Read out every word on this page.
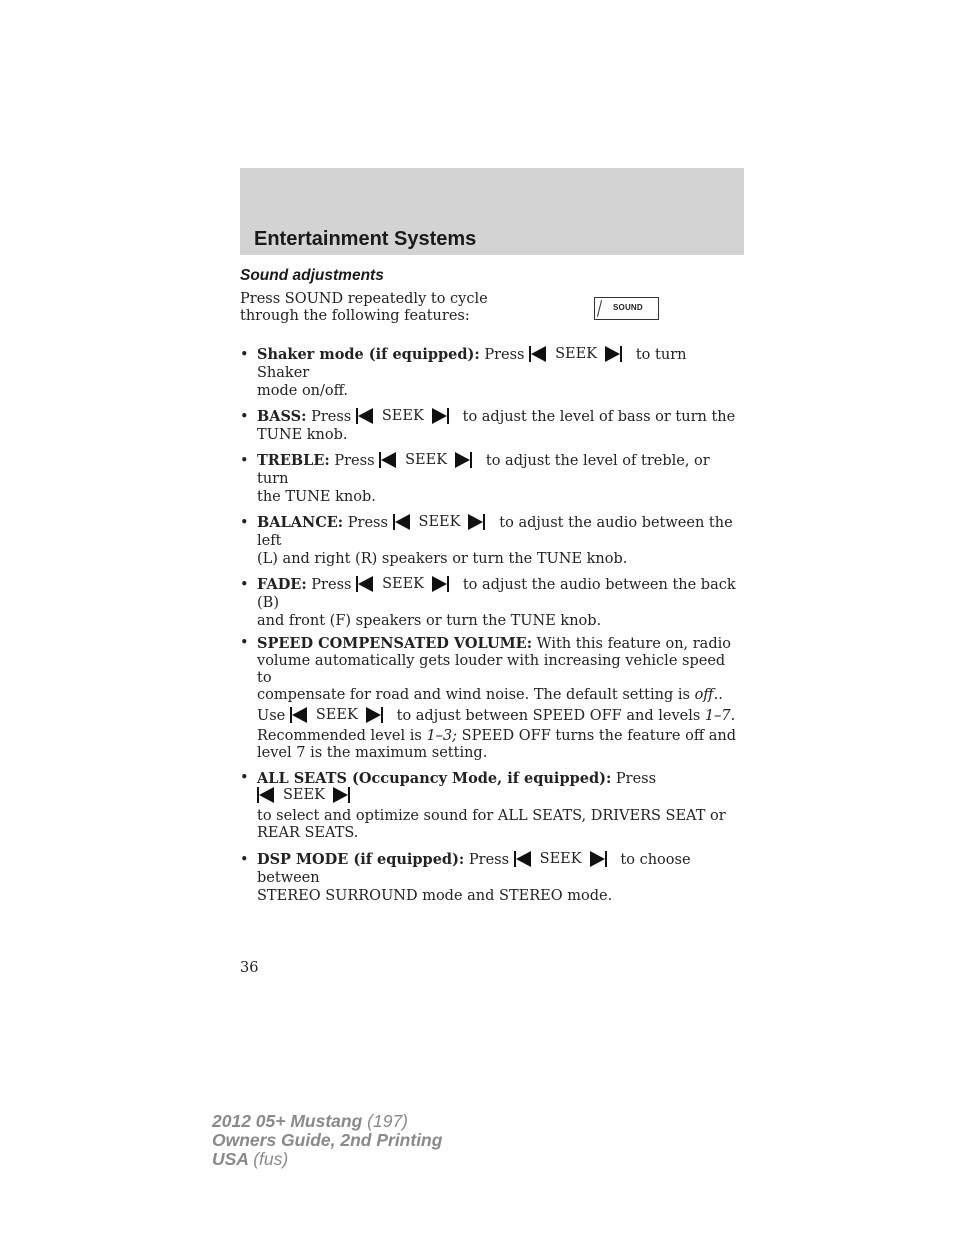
Entertainment Systems
Sound adjustments
Press SOUND repeatedly to cycle
through the following features:
SOUND
• Shaker mode (if equipped): Press SEEK	to turn Shaker
mode on/off.
• BASS: Press SEEK	to adjust the level of bass or turn the
TUNE knob.
• TREBLE: Press SEEK	to adjust the level of treble, or turn
the TUNE knob.
• BALANCE: Press SEEK	to adjust the audio between the left
(L) and right (R) speakers or turn the TUNE knob.
• FADE: Press SEEK	to adjust the audio between the back (B)
and front (F) speakers or turn the TUNE knob.
• SPEED COMPENSATED VOLUME: With this feature on, radio
volume automatically gets louder with increasing vehicle speed to
compensate for road and wind noise. The default setting is off..
Use SEEK	to adjust between SPEED OFF and levels 1–7.
Recommended level is 1–3; SPEED OFF turns the feature off and
level 7 is the maximum setting.
• ALL SEATS (Occupancy Mode, if equipped): Press SEEK
to select and optimize sound for ALL SEATS, DRIVERS SEAT or
REAR SEATS.
• DSP MODE (if equipped): Press SEEK	to choose between
STEREO SURROUND mode and STEREO mode.
36
2012 05+ Mustang (197)
Owners Guide, 2nd Printing
USA (fus)
